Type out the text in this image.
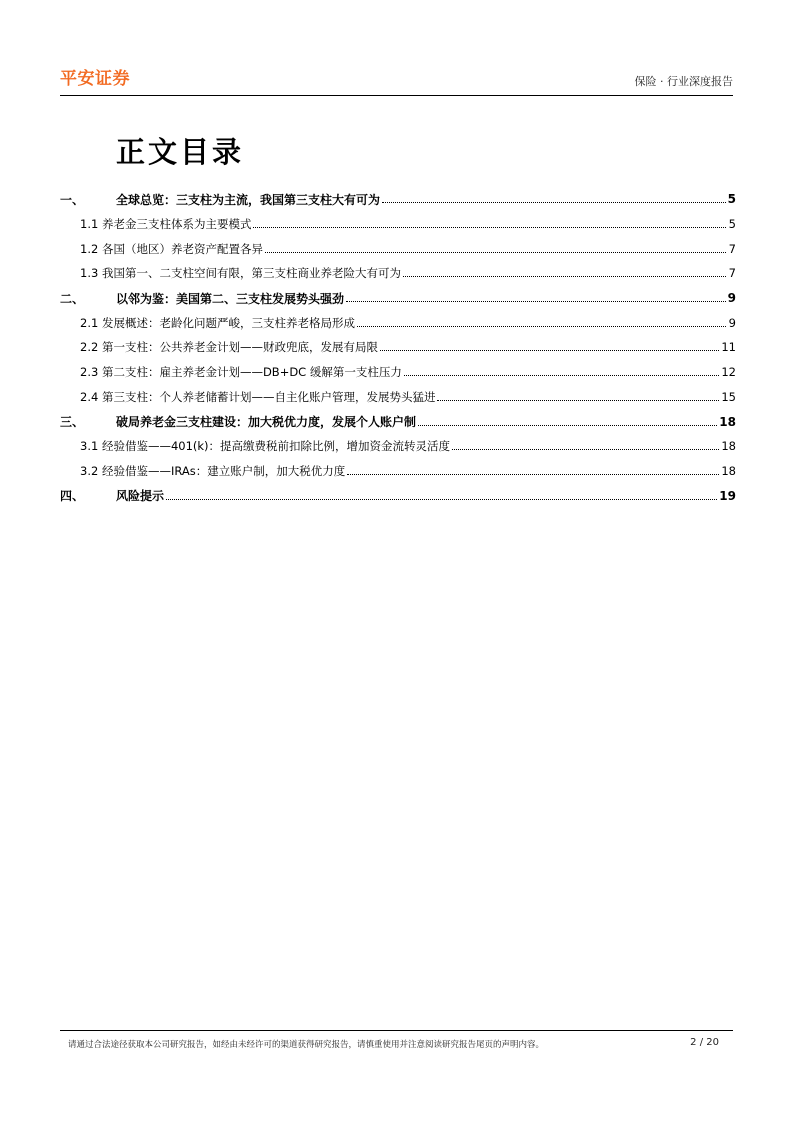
平安证券	保险 · 行业深度报告
正文目录
一、	全球总览：三支柱为主流，我国第三支柱大有可为	5
1.1 养老金三支柱体系为主要模式	5
1.2 各国（地区）养老资产配置各异	7
1.3 我国第一、二支柱空间有限，第三支柱商业养老险大有可为	7
二、	以邻为鉴：美国第二、三支柱发展势头强劲	9
2.1 发展概述：老龄化问题严峻，三支柱养老格局形成	9
2.2 第一支柱：公共养老金计划——财政兜底，发展有局限	11
2.3 第二支柱：雇主养老金计划——DB+DC 缓解第一支柱压力	12
2.4 第三支柱：个人养老储蓄计划——自主化账户管理，发展势头猛进	15
三、	破局养老金三支柱建设：加大税优力度，发展个人账户制	18
3.1 经验借鉴——401(k)：提高缴费税前扣除比例，增加资金流转灵活度	18
3.2 经验借鉴——IRAs：建立账户制，加大税优力度	18
四、	风险提示	19
请通过合法途径获取本公司研究报告，如经由未经许可的渠道获得研究报告，请慎重使用并注意阅读研究报告尾页的声明内容。	2 / 20
